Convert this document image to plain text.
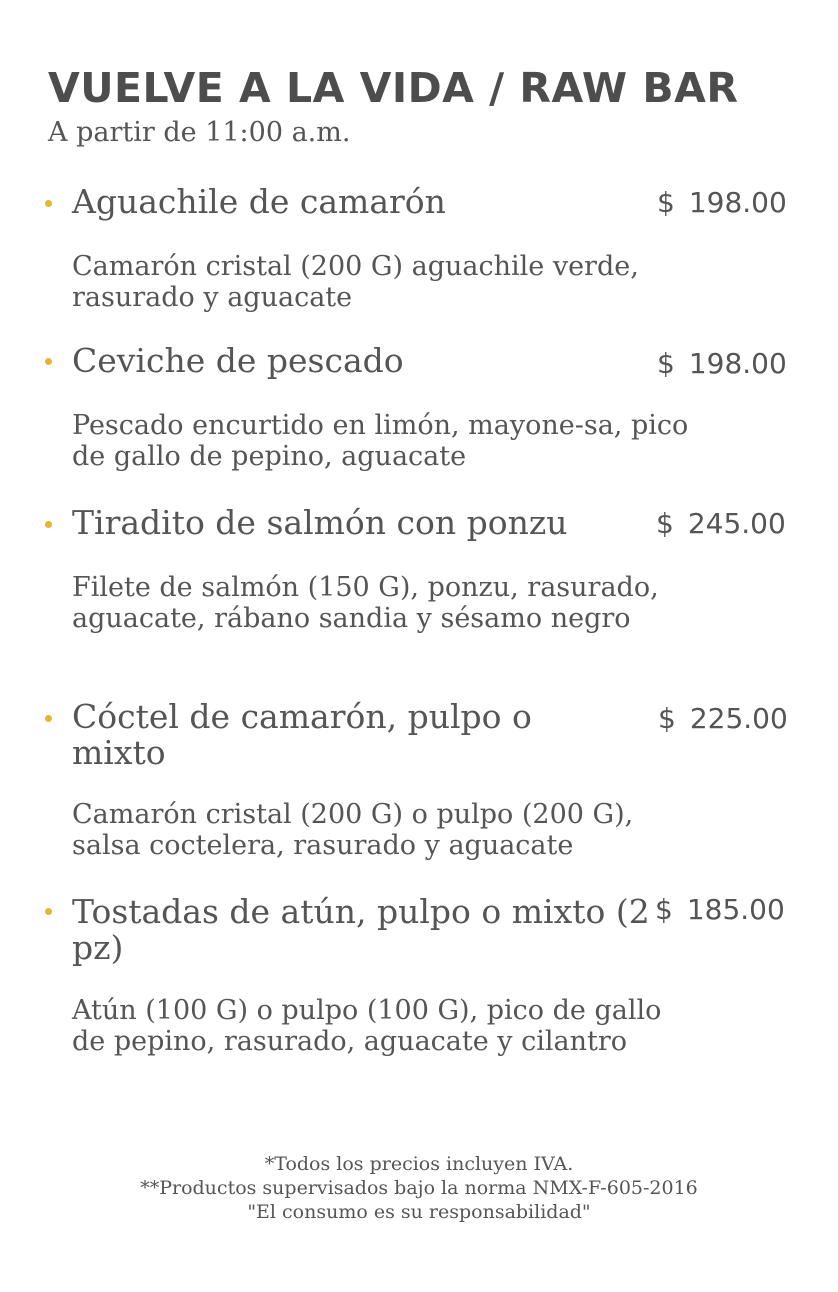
VUELVE A LA VIDA / RAW BAR
A partir de 11:00 a.m.
Aguachile de camarón	$ 198.00
Camarón cristal (200 G) aguachile verde, rasurado y aguacate
Ceviche de pescado	$ 198.00
Pescado encurtido en limón, mayone-sa, pico de gallo de pepino, aguacate
Tiradito de salmón con ponzu	$ 245.00
Filete de salmón (150 G), ponzu, rasurado, aguacate, rábano sandia y sésamo negro
Cóctel de camarón, pulpo o mixto
$ 225.00
Camarón cristal (200 G) o pulpo (200 G), salsa coctelera, rasurado y aguacate
Tostadas de atún, pulpo o mixto (2 pz)
$ 185.00
Atún (100 G) o pulpo (100 G), pico de gallo de pepino, rasurado, aguacate y cilantro
*Todos los precios incluyen IVA.
**Productos supervisados bajo la norma NMX-F-605-2016
"El consumo es su responsabilidad"
